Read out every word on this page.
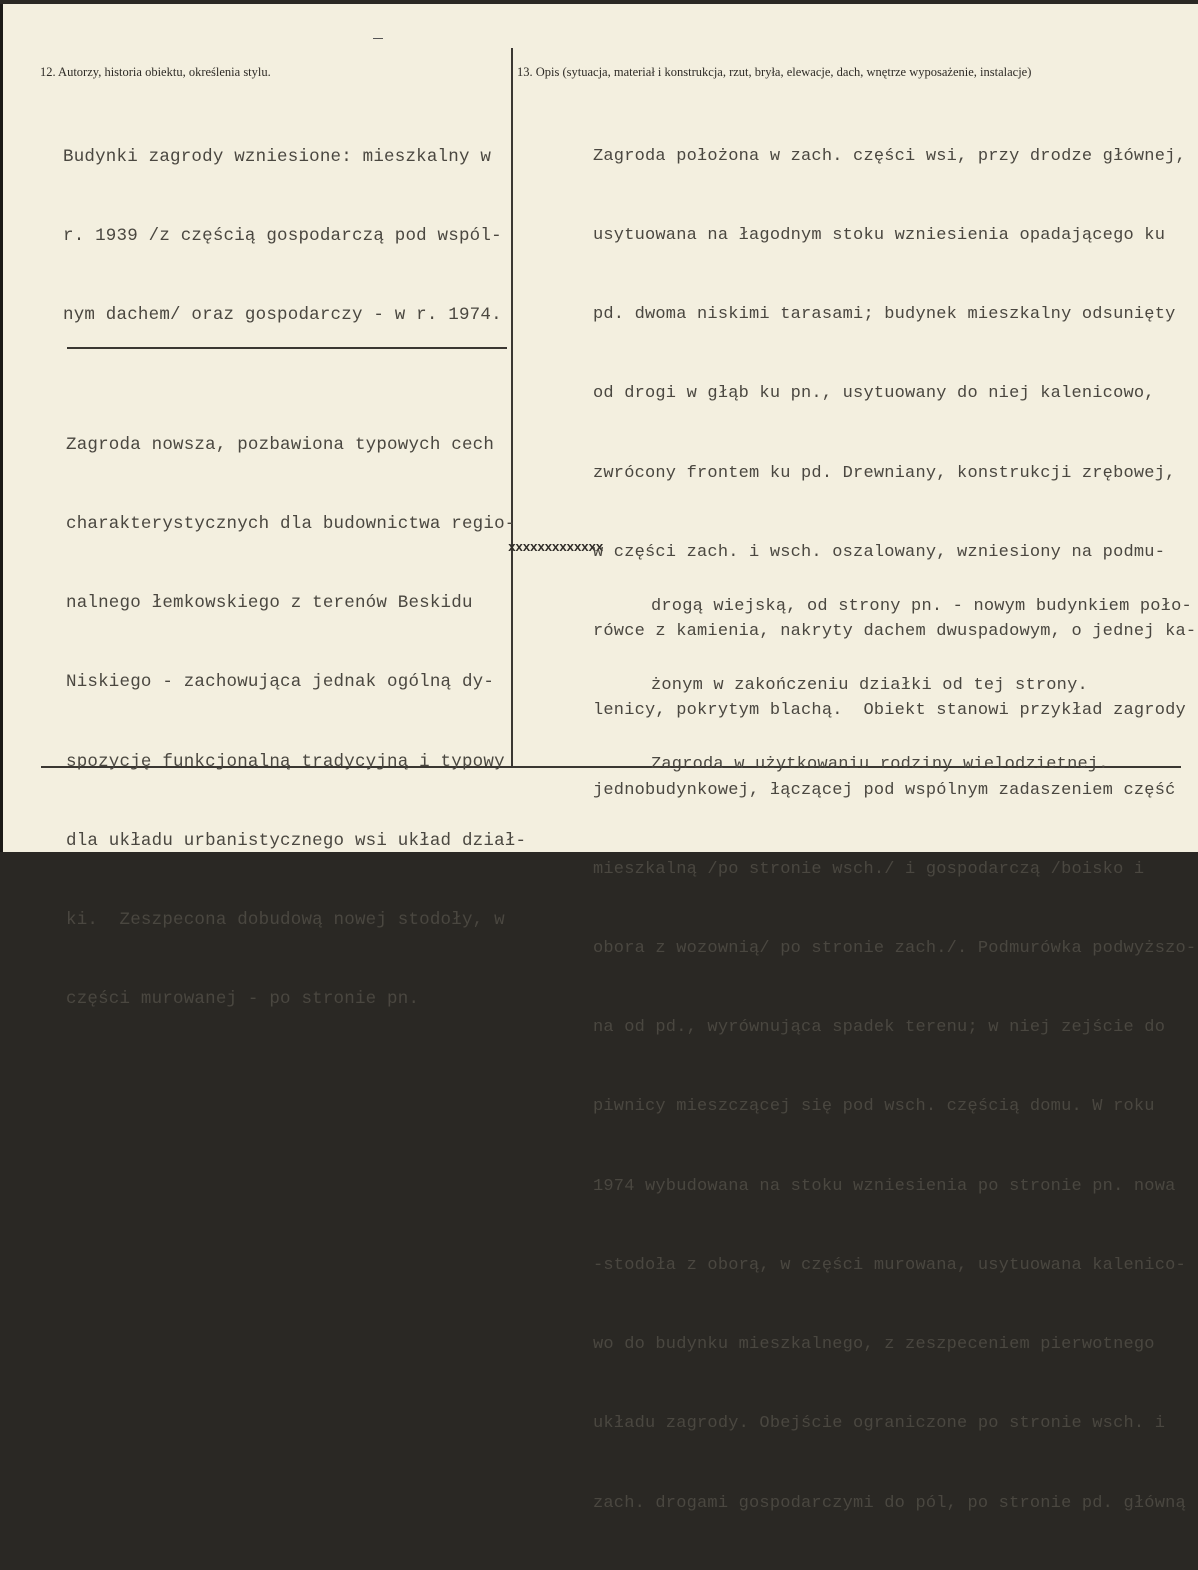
12. Autorzy, historia obiektu, określenia stylu.	13. Opis (sytuacja, materiał i konstrukcja, rzut, bryła, elewacje, dach, wnętrze wyposażenie, instalacje)

Budynki zagrody wzniesione: mieszkalny w

r. 1939 /z częścią gospodarczą pod wspól-

nym dachem/ oraz gospodarczy - w r. 1974.

Zagroda nowsza, pozbawiona typowych cech

charakterystycznych dla budownictwa regio-

nalnego łemkowskiego z terenów Beskidu

Niskiego - zachowująca jednak ogólną dy-

spozycję funkcjonalną tradycyjną i typowy

dla układu urbanistycznego wsi układ dział-

ki.  Zeszpecona dobudową nowej stodoły, w

części murowanej - po stronie pn.

xxxxxxxxxxxxx

Zagroda położona w zach. części wsi, przy drodze głównej,

usytuowana na łagodnym stoku wzniesienia opadającego ku

pd. dwoma niskimi tarasami; budynek mieszkalny odsunięty

od drogi w głąb ku pn., usytuowany do niej kalenicowo,

zwrócony frontem ku pd. Drewniany, konstrukcji zrębowej,

w części zach. i wsch. oszalowany, wzniesiony na podmu-

rówce z kamienia, nakryty dachem dwuspadowym, o jednej ka-

lenicy, pokrytym blachą.  Obiekt stanowi przykład zagrody

jednobudynkowej, łączącej pod wspólnym zadaszeniem część

mieszkalną /po stronie wsch./ i gospodarczą /boisko i

obora z wozownią/ po stronie zach./. Podmurówka podwyższo-

na od pd., wyrównująca spadek terenu; w niej zejście do

piwnicy mieszczącej się pod wsch. częścią domu. W roku

1974 wybudowana na stoku wzniesienia po stronie pn. nowa

-stodoła z oborą, w części murowana, usytuowana kalenico-

wo do budynku mieszkalnego, z zeszpeceniem pierwotnego

układu zagrody. Obejście ograniczone po stronie wsch. i

zach. drogami gospodarczymi do pól, po stronie pd. główną

drogą wiejską, od strony pn. - nowym budynkiem poło-

żonym w zakończeniu działki od tej strony.

Zagroda w użytkowaniu rodziny wielodzietnej.
